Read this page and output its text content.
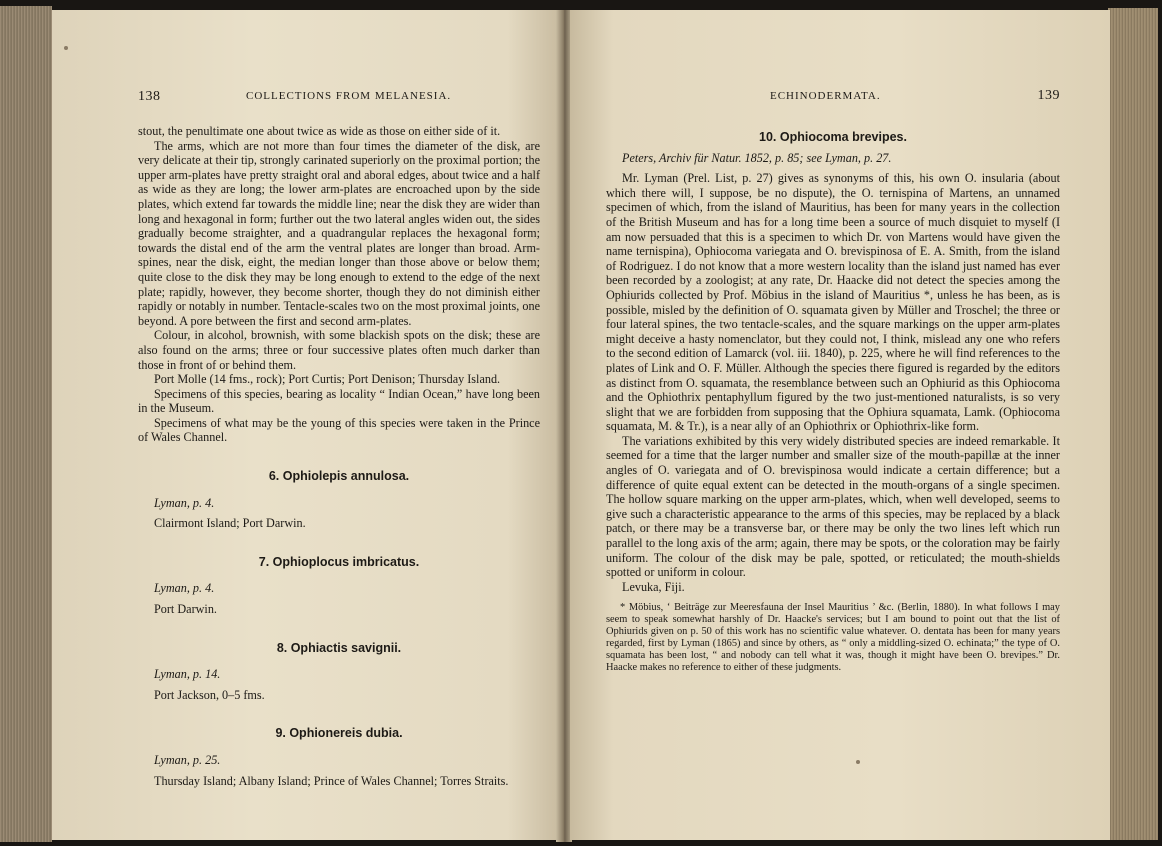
138	COLLECTIONS FROM MELANESIA.

stout, the penultimate one about twice as wide as those on either side of it.

The arms, which are not more than four times the diameter of the disk, are very delicate at their tip, strongly carinated superiorly on the proximal portion; the upper arm-plates have pretty straight oral and aboral edges, about twice and a half as wide as they are long; the lower arm-plates are encroached upon by the side plates, which extend far towards the middle line; near the disk they are wider than long and hexagonal in form; further out the two lateral angles widen out, the sides gradually become straighter, and a quadrangular replaces the hexagonal form; towards the distal end of the arm the ventral plates are longer than broad. Arm-spines, near the disk, eight, the median longer than those above or below them; quite close to the disk they may be long enough to extend to the edge of the next plate; rapidly, however, they become shorter, though they do not diminish either rapidly or notably in number. Tentacle-scales two on the most proximal joints, one beyond. A pore between the first and second arm-plates.

Colour, in alcohol, brownish, with some blackish spots on the disk; these are also found on the arms; three or four successive plates often much darker than those in front of or behind them.

Port Molle (14 fms., rock); Port Curtis; Port Denison; Thursday Island.

Specimens of this species, bearing as locality “ Indian Ocean,” have long been in the Museum.

Specimens of what may be the young of this species were taken in the Prince of Wales Channel.

6. Ophiolepis annulosa.

Lyman, p. 4.

Clairmont Island; Port Darwin.

7. Ophioplocus imbricatus.

Lyman, p. 4.

Port Darwin.

8. Ophiactis savignii.

Lyman, p. 14.

Port Jackson, 0–5 fms.

9. Ophionereis dubia.

Lyman, p. 25.

Thursday Island; Albany Island; Prince of Wales Channel; Torres Straits.

ECHINODERMATA.	139

10. Ophiocoma brevipes.

Peters, Archiv für Natur. 1852, p. 85; see Lyman, p. 27.

Mr. Lyman (Prel. List, p. 27) gives as synonyms of this, his own O. insularia (about which there will, I suppose, be no dispute), the O. ternispina of Martens, an unnamed specimen of which, from the island of Mauritius, has been for many years in the collection of the British Museum and has for a long time been a source of much disquiet to myself (I am now persuaded that this is a specimen to which Dr. von Martens would have given the name ternispina), Ophiocoma variegata and O. brevispinosa of E. A. Smith, from the island of Rodriguez. I do not know that a more western locality than the island just named has ever been recorded by a zoologist; at any rate, Dr. Haacke did not detect the species among the Ophiurids collected by Prof. Möbius in the island of Mauritius *, unless he has been, as is possible, misled by the definition of O. squamata given by Müller and Troschel; the three or four lateral spines, the two tentacle-scales, and the square markings on the upper arm-plates might deceive a hasty nomenclator, but they could not, I think, mislead any one who refers to the second edition of Lamarck (vol. iii. 1840), p. 225, where he will find references to the plates of Link and O. F. Müller. Although the species there figured is regarded by the editors as distinct from O. squamata, the resemblance between such an Ophiurid as this Ophiocoma and the Ophiothrix pentaphyllum figured by the two just-mentioned naturalists, is so very slight that we are forbidden from supposing that the Ophiura squamata, Lamk. (Ophiocoma squamata, M. & Tr.), is a near ally of an Ophiothrix or Ophiothrix-like form.

The variations exhibited by this very widely distributed species are indeed remarkable. It seemed for a time that the larger number and smaller size of the mouth-papillæ at the inner angles of O. variegata and of O. brevispinosa would indicate a certain difference; but a difference of quite equal extent can be detected in the mouth-organs of a single specimen. The hollow square marking on the upper arm-plates, which, when well developed, seems to give such a characteristic appearance to the arms of this species, may be replaced by a black patch, or there may be a transverse bar, or there may be only the two lines left which run parallel to the long axis of the arm; again, there may be spots, or the coloration may be fairly uniform. The colour of the disk may be pale, spotted, or reticulated; the mouth-shields spotted or uniform in colour.

Levuka, Fiji.

* Möbius, ‘ Beiträge zur Meeresfauna der Insel Mauritius ’ &c. (Berlin, 1880). In what follows I may seem to speak somewhat harshly of Dr. Haacke's services; but I am bound to point out that the list of Ophiurids given on p. 50 of this work has no scientific value whatever. O. dentata has been for many years regarded, first by Lyman (1865) and since by others, as “ only a middling-sized O. echinata;” the type of O. squamata has been lost, “ and nobody can tell what it was, though it might have been O. brevipes.” Dr. Haacke makes no reference to either of these judgments.
